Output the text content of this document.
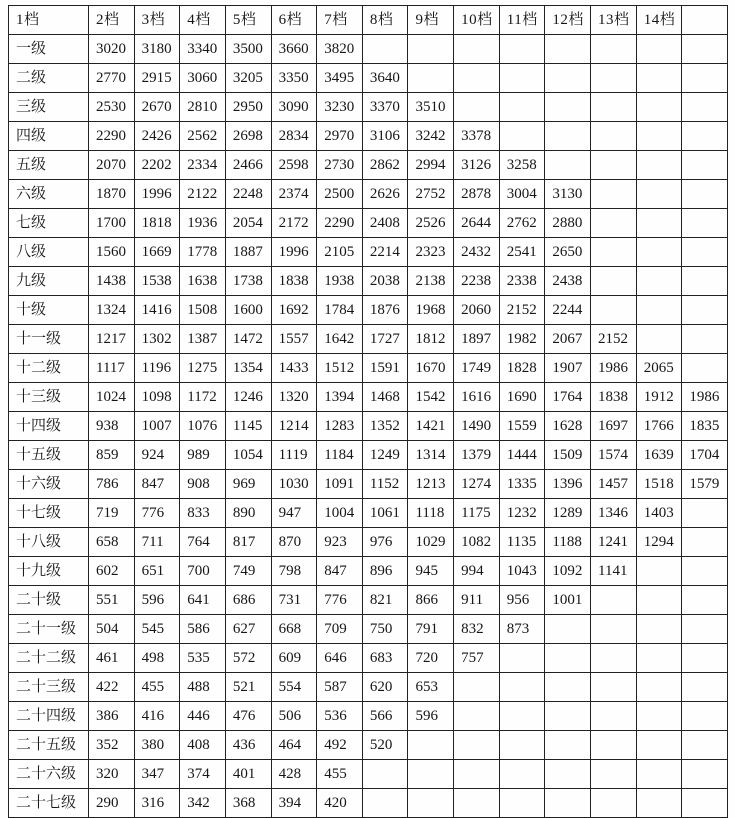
1档	2档	3档	4档	5档	6档	7档	8档	9档	10档	11档	12档	13档	14档	
一级	3020	3180	3340	3500	3660	3820								
二级	2770	2915	3060	3205	3350	3495	3640							
三级	2530	2670	2810	2950	3090	3230	3370	3510						
四级	2290	2426	2562	2698	2834	2970	3106	3242	3378					
五级	2070	2202	2334	2466	2598	2730	2862	2994	3126	3258				
六级	1870	1996	2122	2248	2374	2500	2626	2752	2878	3004	3130			
七级	1700	1818	1936	2054	2172	2290	2408	2526	2644	2762	2880			
八级	1560	1669	1778	1887	1996	2105	2214	2323	2432	2541	2650			
九级	1438	1538	1638	1738	1838	1938	2038	2138	2238	2338	2438			
十级	1324	1416	1508	1600	1692	1784	1876	1968	2060	2152	2244			
十一级	1217	1302	1387	1472	1557	1642	1727	1812	1897	1982	2067	2152		
十二级	1117	1196	1275	1354	1433	1512	1591	1670	1749	1828	1907	1986	2065	
十三级	1024	1098	1172	1246	1320	1394	1468	1542	1616	1690	1764	1838	1912	1986
十四级	938	1007	1076	1145	1214	1283	1352	1421	1490	1559	1628	1697	1766	1835
十五级	859	924	989	1054	1119	1184	1249	1314	1379	1444	1509	1574	1639	1704
十六级	786	847	908	969	1030	1091	1152	1213	1274	1335	1396	1457	1518	1579
十七级	719	776	833	890	947	1004	1061	1118	1175	1232	1289	1346	1403	
十八级	658	711	764	817	870	923	976	1029	1082	1135	1188	1241	1294	
十九级	602	651	700	749	798	847	896	945	994	1043	1092	1141		
二十级	551	596	641	686	731	776	821	866	911	956	1001			
二十一级	504	545	586	627	668	709	750	791	832	873				
二十二级	461	498	535	572	609	646	683	720	757					
二十三级	422	455	488	521	554	587	620	653						
二十四级	386	416	446	476	506	536	566	596						
二十五级	352	380	408	436	464	492	520							
二十六级	320	347	374	401	428	455								
二十七级	290	316	342	368	394	420								
